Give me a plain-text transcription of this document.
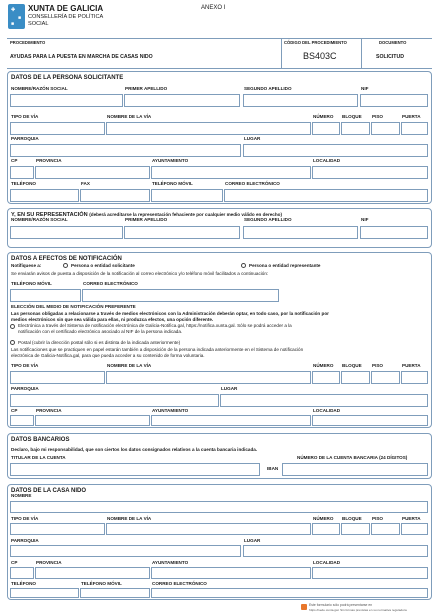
✚
■
■
XUNTA DE GALICIA
CONSELLERÍA DE POLÍTICA
SOCIAL
ANEXO I
PROCEDIMIENTO
AYUDAS PARA LA PUESTA EN MARCHA DE CASAS NIDO
CÓDIGO DEL PROCEDIMIENTO
BS403C
DOCUMENTO
SOLICITUD
DATOS DE LA PERSONA SOLICITANTE
NOMBRE/RAZÓN SOCIAL	PRIMER APELLIDO	SEGUNDO APELLIDO	NIF
TIPO DE VÍA	NOMBRE DE LA VÍA	NÚMERO BLOQUE PISO	PUERTA
PARROQUIA	LUGAR
CP	PROVINCIA	AYUNTAMIENTO	LOCALIDAD
TELÉFONO	FAX	TELÉFONO MÓVIL	CORREO ELECTRÓNICO
Y, EN SU REPRESENTACIÓN (deberá acreditarse la representación fehaciente por cualquier medio válido en derecho)
NOMBRE/RAZÓN SOCIAL	PRIMER APELLIDO	SEGUNDO APELLIDO	NIF
DATOS A EFECTOS DE NOTIFICACIÓN
Notifíquese a:	Persona o entidad solicitante	Persona o entidad representante
Se enviarán avisos de puesta a disposición de la notificación al correo electrónico y/o teléfono móvil facilitados a continuación:
TELÉFONO MÓVIL	CORREO ELECTRÓNICO
ELECCIÓN DEL MEDIO DE NOTIFICACIÓN PREFERENTE
Las personas obligadas a relacionarse a través de medios electrónicos con la Administración deberán optar, en todo caso, por la notificación por
medios electrónicos sin que sea válida para ellas, ni produzca efectos, una opción diferente.
Electrónica a través del Sistema de notificación electrónica de Galicia-Notifica.gal, https://notifica.xunta.gal. Sólo se podrá acceder a la
notificación con el certificado electrónico asociado al NIF de la persona indicada.
Postal (cubrir la dirección postal sólo si es distinta de la indicada anteriormente)
Las notificaciones que se practiquen en papel estarán también a disposición de la persona indicada anteriormente en el Sistema de notificación
electrónica de Galicia-Notifica.gal, para que pueda acceder a su contenido de forma voluntaria.
TIPO DE VÍA	NOMBRE DE LA VÍA	NÚMERO BLOQUE PISO	PUERTA
PARROQUIA	LUGAR
CP	PROVINCIA	AYUNTAMIENTO	LOCALIDAD
DATOS BANCARIOS
Declaro, bajo mi responsabilidad, que son ciertos los datos consignados relativos a la cuenta bancaria indicada.
TITULAR DE LA CUENTA	NÚMERO DE LA CUENTA BANCARIA (24 DÍGITOS)
IBAN
DATOS DE LA CASA NIDO
NOMBRE
TIPO DE VÍA	NOMBRE DE LA VÍA	NÚMERO BLOQUE PISO	PUERTA
PARROQUIA	LUGAR
CP	PROVINCIA	AYUNTAMIENTO	LOCALIDAD
TELÉFONO	TELÉFONO MÓVIL	CORREO ELECTRÓNICO
Este formulario sólo podrá presentarse en
https://sede.xunta.gal. Sin formas previstas en su normativa reguladora
